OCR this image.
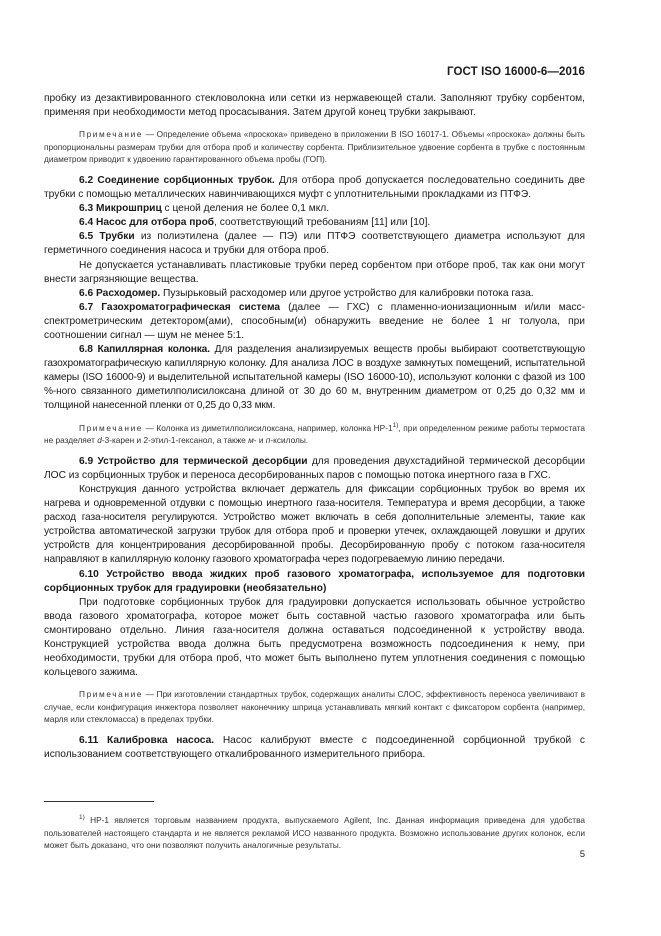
ГОСТ ISO 16000-6—2016

пробку из дезактивированного стекловолокна или сетки из нержавеющей стали. Заполняют трубку сорбентом, применяя при необходимости метод просасывания. Затем другой конец трубки закрывают.

Примечание — Определение объема «проскока» приведено в приложении В ISO 16017-1. Объемы «проскока» должны быть пропорциональны размерам трубки для отбора проб и количеству сорбента. Приблизительное удвоение сорбента в трубке с постоянным диаметром приводит к удвоению гарантированного объема пробы (ГОП).

6.2 Соединение сорбционных трубок. Для отбора проб допускается последовательно соединить две трубки с помощью металлических навинчивающихся муфт с уплотнительными прокладками из ПТФЭ.

6.3 Микрошприц с ценой деления не более 0,1 мкл.

6.4 Насос для отбора проб, соответствующий требованиям [11] или [10].

6.5 Трубки из полиэтилена (далее — ПЭ) или ПТФЭ соответствующего диаметра используют для герметичного соединения насоса и трубки для отбора проб.

Не допускается устанавливать пластиковые трубки перед сорбентом при отборе проб, так как они могут внести загрязняющие вещества.

6.6 Расходомер. Пузырьковый расходомер или другое устройство для калибровки потока газа.

6.7 Газохроматографическая система (далее — ГХС) с пламенно-ионизационным и/или масс-спектрометрическим детектором(ами), способным(и) обнаружить введение не более 1 нг толуола, при соотношении сигнал — шум не менее 5:1.

6.8 Капиллярная колонка. Для разделения анализируемых веществ пробы выбирают соответствующую газохроматографическую капиллярную колонку. Для анализа ЛОС в воздухе замкнутых помещений, испытательной камеры (ISO 16000-9) и выделительной испытательной камеры (ISO 16000-10), используют колонки с фазой из 100 %-ного связанного диметилполисилоксана длиной от 30 до 60 м, внутренним диаметром от 0,25 до 0,32 мм и толщиной нанесенной пленки от 0,25 до 0,33 мкм.

Примечание — Колонка из диметилполисилоксана, например, колонка HP-1$^{1)}$, при определенном режиме работы термостата не разделяет d-3-карен и 2-этил-1-гексанол, а также м- и п-ксилолы.

6.9 Устройство для термической десорбции для проведения двухстадийной термической десорбции ЛОС из сорбционных трубок и переноса десорбированных паров с помощью потока инертного газа в ГХС.

Конструкция данного устройства включает держатель для фиксации сорбционных трубок во время их нагрева и одновременной отдувки с помощью инертного газа-носителя. Температура и время десорбции, а также расход газа-носителя регулируются. Устройство может включать в себя дополнительные элементы, такие как устройства автоматической загрузки трубок для отбора проб и проверки утечек, охлаждающей ловушки и других устройств для концентрирования десорбированной пробы. Десорбированную пробу с потоком газа-носителя направляют в капиллярную колонку газового хроматографа через подогреваемую линию передачи.

6.10 Устройство ввода жидких проб газового хроматографа, используемое для подготовки сорбционных трубок для градуировки (необязательно)

При подготовке сорбционных трубок для градуировки допускается использовать обычное устройство ввода газового хроматографа, которое может быть составной частью газового хроматографа или быть смонтировано отдельно. Линия газа-носителя должна оставаться подсоединенной к устройству ввода. Конструкцией устройства ввода должна быть предусмотрена возможность подсоединения к нему, при необходимости, трубки для отбора проб, что может быть выполнено путем уплотнения соединения с помощью кольцевого зажима.

Примечание — При изготовлении стандартных трубок, содержащих аналиты СЛОС, эффективность переноса увеличивают в случае, если конфигурация инжектора позволяет наконечнику шприца устанавливать мягкий контакт с фиксатором сорбента (например, марля или стекломасса) в пределах трубки.

6.11 Калибровка насоса. Насос калибруют вместе с подсоединенной сорбционной трубкой с использованием соответствующего откалиброванного измерительного прибора.

$^{1)}$ HP-1 является торговым названием продукта, выпускаемого Agilent, Inc. Данная информация приведена для удобства пользователей настоящего стандарта и не является рекламой ИСО названного продукта. Возможно использование других колонок, если может быть доказано, что они позволяют получить аналогичные результаты.

5
